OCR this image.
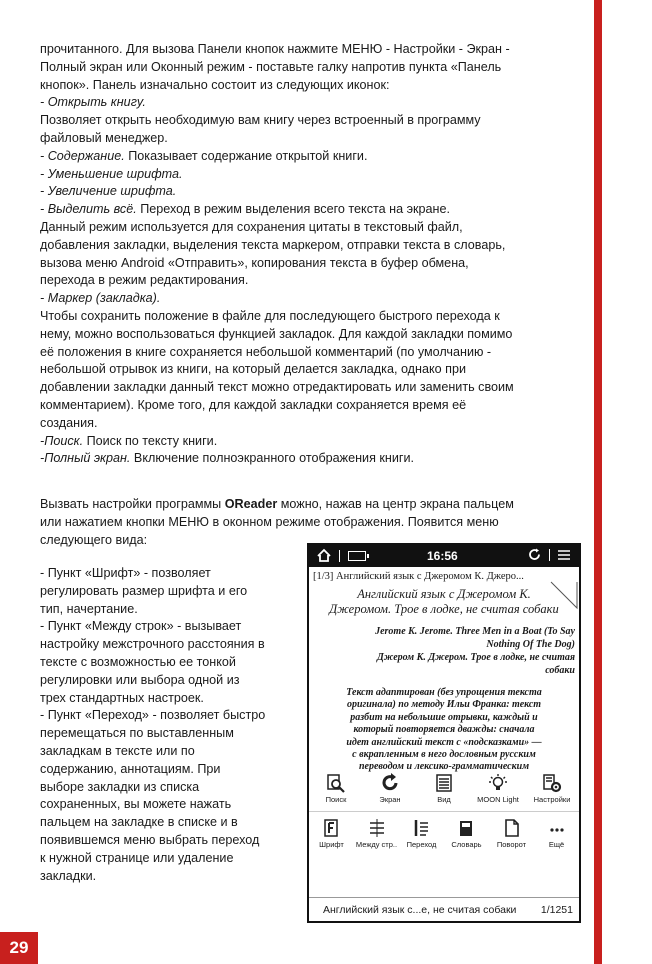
прочитанного. Для вызова Панели кнопок нажмите МЕНЮ - Настройки - Экран -

Полный экран или Оконный режим - поставьте галку напротив пункта «Панель

кнопок». Панель изначально состоит из следующих иконок:

- Открыть книгу.

Позволяет открыть необходимую вам книгу через встроенный в программу

файловый менеджер.

- Содержание. Показывает содержание открытой книги.

- Уменьшение шрифта.

- Увеличение шрифта.

- Выделить всё. Переход в режим выделения всего текста на экране.

Данный режим используется для сохранения цитаты в текстовый файл,

добавления закладки, выделения текста маркером, отправки текста в словарь,

вызова меню Android «Отправить», копирования текста в буфер обмена,

перехода в режим редактирования.

- Маркер (закладка).

Чтобы сохранить положение в файле для последующего быстрого перехода к

нему, можно воспользоваться функцией закладок. Для каждой закладки помимо

её положения в книге сохраняется небольшой комментарий (по умолчанию -

небольшой отрывок из книги, на который делается закладка, однако при

добавлении закладки данный текст можно отредактировать или заменить своим

комментарием). Кроме того, для каждой закладки сохраняется время её

создания.

-Поиск. Поиск по тексту книги.

-Полный экран. Включение полноэкранного отображения книги.

Вызвать настройки программы OReader можно, нажав на центр экрана пальцем

или нажатием кнопки МЕНЮ в оконном режиме отображения. Появится меню

следующего вида:

- Пункт «Шрифт» - позволяет

регулировать размер шрифта и его

тип, начертание.

- Пункт «Между строк» - вызывает

настройку межстрочного расстояния в

тексте с возможностью ее тонкой

регулировки или выбора одной из

трех стандартных настроек.

- Пункт «Переход» - позволяет быстро

перемещаться по выставленным

закладкам в тексте или по

содержанию, аннотациям. При

выборе закладки из списка

сохраненных, вы можете нажать

пальцем на закладке в списке и в

появившемся меню выбрать переход

к нужной странице или удаление

закладки.

16:56
[1/3] Английский язык с Джеромом К. Джеро...
Английский язык с Джеромом К. Джеромом. Трое в лодке, не считая собаки
Jerome K. Jerome. Three Men in a Boat (To Say
Nothing Of The Dog)
Джером К. Джером. Трое в лодке, не считая
собаки
Текст адаптирован (без упрощения текста
оригинала) по методу Ильи Франка: текст
разбит на небольшие отрывки, каждый и
который повторяется дважды: сначала
идет английский текст с «подсказками» —
с вкрапленным в него дословным русским
переводом и лексико-грамматическим
Поиск	Экран	Вид	MOON Light Настройки
Шрифт Между стр.. Переход Словарь Поворот	Ещё
Английский язык с...е, не считая собаки 1/1251
29
